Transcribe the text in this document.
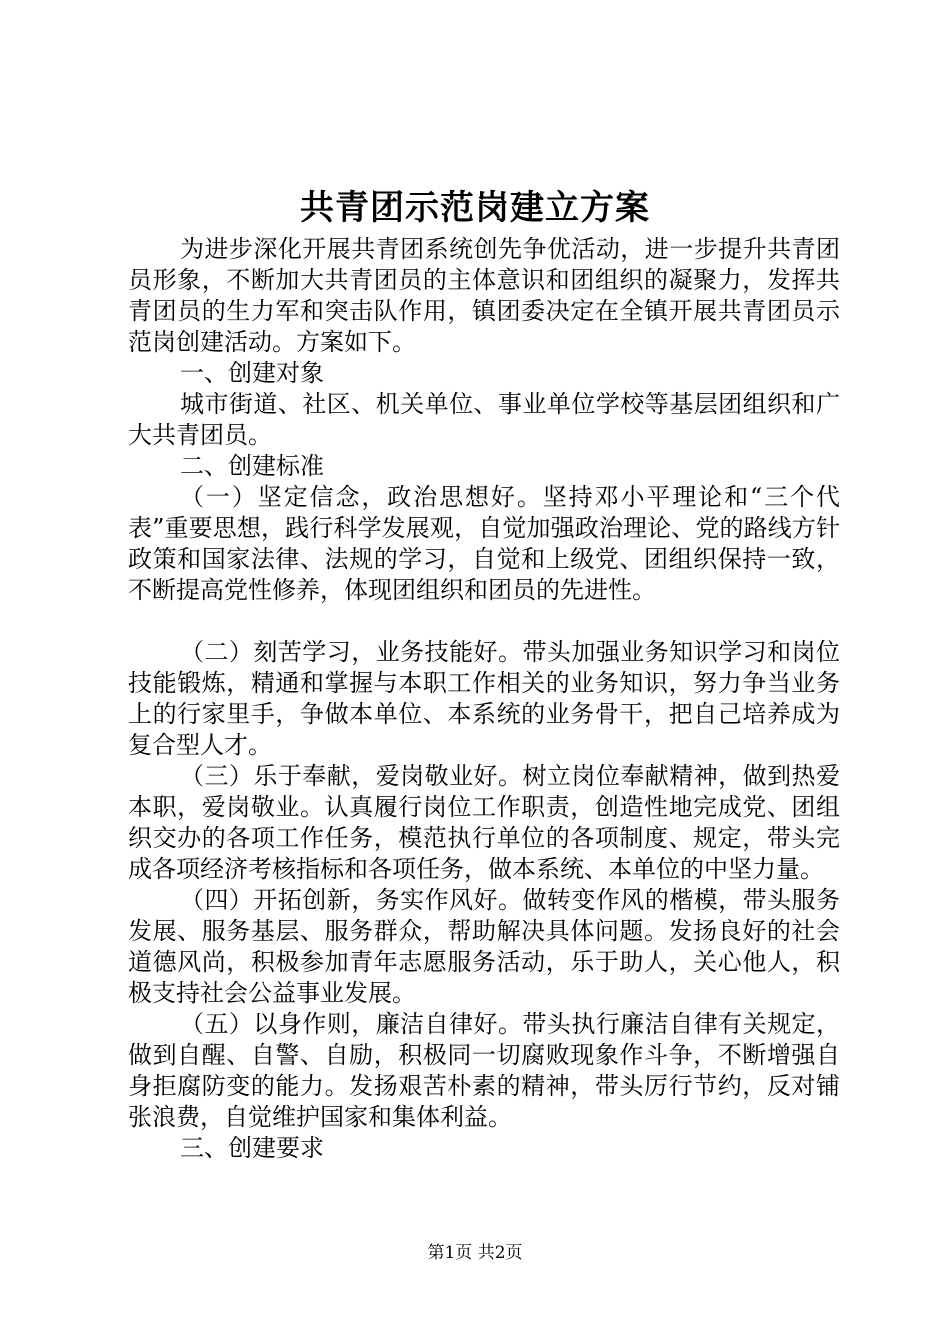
共青团示范岗建立方案

为进步深化开展共青团系统创先争优活动，进一步提升共青团员形象，不断加大共青团员的主体意识和团组织的凝聚力，发挥共青团员的生力军和突击队作用，镇团委决定在全镇开展共青团员示范岗创建活动。方案如下。

一、创建对象

城市街道、社区、机关单位、事业单位学校等基层团组织和广大共青团员。

二、创建标准

（一）坚定信念，政治思想好。坚持邓小平理论和“三个代表”重要思想，践行科学发展观，自觉加强政治理论、党的路线方针政策和国家法律、法规的学习，自觉和上级党、团组织保持一致，不断提高党性修养，体现团组织和团员的先进性。

（二）刻苦学习，业务技能好。带头加强业务知识学习和岗位技能锻炼，精通和掌握与本职工作相关的业务知识，努力争当业务上的行家里手，争做本单位、本系统的业务骨干，把自己培养成为复合型人才。

（三）乐于奉献，爱岗敬业好。树立岗位奉献精神，做到热爱本职，爱岗敬业。认真履行岗位工作职责，创造性地完成党、团组织交办的各项工作任务，模范执行单位的各项制度、规定，带头完成各项经济考核指标和各项任务，做本系统、本单位的中坚力量。

（四）开拓创新，务实作风好。做转变作风的楷模，带头服务发展、服务基层、服务群众，帮助解决具体问题。发扬良好的社会道德风尚，积极参加青年志愿服务活动，乐于助人，关心他人，积极支持社会公益事业发展。

（五）以身作则，廉洁自律好。带头执行廉洁自律有关规定，做到自醒、自警、自励，积极同一切腐败现象作斗争，不断增强自身拒腐防变的能力。发扬艰苦朴素的精神，带头厉行节约，反对铺张浪费，自觉维护国家和集体利益。

三、创建要求

第1页 共2页
